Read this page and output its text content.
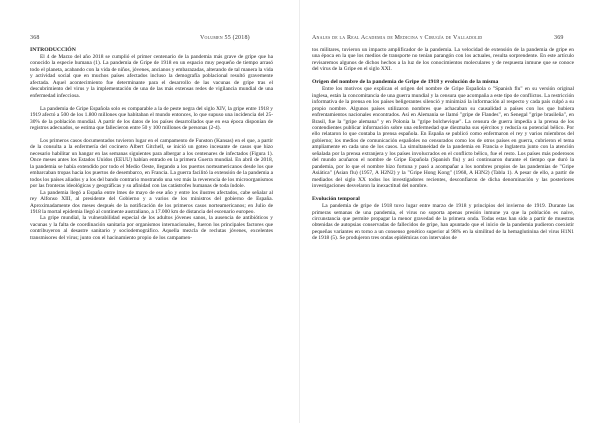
368	Volumen 55 (2018)
INTRODUCCIÓN

El 4 de Marzo del año 2018 se cumplió el primer centenario de la pandemia más grave de gripe que ha conocido la especie humana (1). La pandemia de Gripe de 1918 en un espacio muy pequeño de tiempo arrasó todo el planeta, acabando con la vida de niños, jóvenes, ancianos y embarazadas, alterando de tal manera la vida y actividad social que en muchos países afectados incluso la demografía poblacional resultó gravemente afectada. Aquel acontecimiento fue determinante para el desarrollo de las vacunas de gripe tras el descubrimiento del virus y la implementación de una de las más extensas redes de vigilancia mundial de una enfermedad infecciosa.

La pandemia de Gripe Española solo es comparable a la de peste negra del siglo XIV, la gripe entre 1918 y 1919 afectó a 500 de los 1.800 millones que habitaban el mundo entonces, lo que supuso una incidencia del 25-30% de la población mundial. A partir de los datos de los países desarrollados que en esa época disponían de registros adecuados, se estima que fallecieron entre 50 y 100 millones de personas (2-4).

Los primeros casos documentados tuvieron lugar en el campamento de Funston (Kansas) en el que, a partir de la consulta a la enfermería del cocinero Albert Gitchell, se inició un goteo incesante de casos que hizo necesario habilitar un hangar en las semanas siguientes para albergar a los centenares de infectados (Figura 1). Once meses antes los Estados Unidos (EEUU) habían entrado en la primera Guerra mundial. En abril de 2018, la pandemia se había extendido por todo el Medio Oeste, llegando a los puertos norteamericanos desde los que embarcaban tropas hacia los puertos de desembarco, en Francia. La guerra facilitó la extensión de la pandemia a todos los países aliados y a los del bando contrario mostrando una vez más la reverencia de los microorganismos por las fronteras ideológicas y geográficas y su afinidad con las catástrofes humanas de toda índole.

La pandemia llegó a España entre lmes de mayo de ese año y entre los ilustres afectados, cabe señalar al rey Alfonso XIII, al presidente del Gobierno y a varios de los ministros del gobierno de España. Aproximadamente dos meses después de la notificación de los primeros casos norteamericanos; en Julio de 1918 la mortal epidemia llegó al continente australiano, a 17.000 km de distancia del escenario europeo.

La gripe mundial, la vulnerabilidad especial de los adultos jóvenes sanos, la ausencia de antibióticos y vacunas y la falta de coordinación sanitaria por organismos internacionales, fueron los principales factores que contribuyeron al desastre sanitario y sociodemográfico. Aquella mezcla de reclutas jóvenes, excelentes transmisores del virus; junto con el hacinamiento propio de los campamen-

Anales de la Real Academia de Medicina y Cirugía de Valladolid	369

tos militares, tuvieron un impacto amplificador de la pandemia. La velocidad de extensión de la pandemia de gripe en una época en la que los medios de transporte no tenían parangón con los actuales, resulta sorprendente. En este artículo revisaremos algunos de dichos hechos a la luz de los conocimientos moleculares y de respuesta inmune que se conoce del virus de la Gripe en el siglo XXI.

Origen del nombre de la pandemia de Gripe de 1918 y evolución de la misma

Entre los motivos que explican el origen del nombre de Gripe Española o "Spanish flu" en su versión original inglesa, están la concomitancia de una guerra mundial y la censura que acompaña a este tipo de conflictos. La restricción informativa de la prensa en los países beligerantes silenció y minimizó la información al respecto y cada país culpó a su propio nombre. Algunos países utilizaron nombres que achacaban su causalidad a países con los que hubiera enfrentamientos nacionales encontrados. Así en Alemania se llamó "gripe de Flandes", en Senegal "gripe brasileña", en Brasil, fue la "gripe alemana" y en Polonia la "gripe bolchevique". La censura de guerra impedía a la prensa de los contendientes publicar información sobre una enfermedad que diezmaba sus ejércitos y reducía su potencial bélico. Por ello relataron lo que contaba la prensa española. En España se publicó como enfermaron el rey y varios miembros del gobierno; los medios de comunicación españoles no censurados como los de otros países en guerra, cubrieron el tema ampliamente en cada uno de los casos. La simultaneidad de la pandemia en Francia e Inglaterra junto con la atención señalada por la prensa extranjera y los países involucrados en el conflicto bélico, fue el resto. Los países más poderosos del mundo acuñaron el nombre de Gripe Española (Spanish flu) y así continuaron durante el tiempo que duró la pandemia, por lo que el nombre hizo fortuna y pasó a acompañar a los nombres propios de las pandemias de "Gripe Asiática" (Asian flu) (1957, A H2N2) y la "Gripe Hong Kong" (1968, A H3N2) (Tabla 1). A pesar de ello, a partir de mediados del siglo XX todos los investigadores recientes, desconfiaron de dicha denominación y las posteriores investigaciones desvelaron la inexactitud del nombre.

Evolución temporal

La pandemia de gripe de 1918 tuvo lugar entre marzo de 1918 y principios del invierno de 1919. Durante las primeras semanas de una pandemia, el virus no soporta apenas presión inmune ya que la población es naive, circunstancia que permite propagar la menor gravedad de la primera onda. Todas estas han sido a partir de muestras obtenidas de autopsias conservadas de fallecidos de gripe, han apuntado que el inicio de la pandemia pudieron coexistir pequeñas variantes en torno a un consenso genético superior al 98% en la similitud de la hemaglutinina del virus H1N1 de 1918 (5). Se produjeron tres ondas epidémicas con intervalos de
